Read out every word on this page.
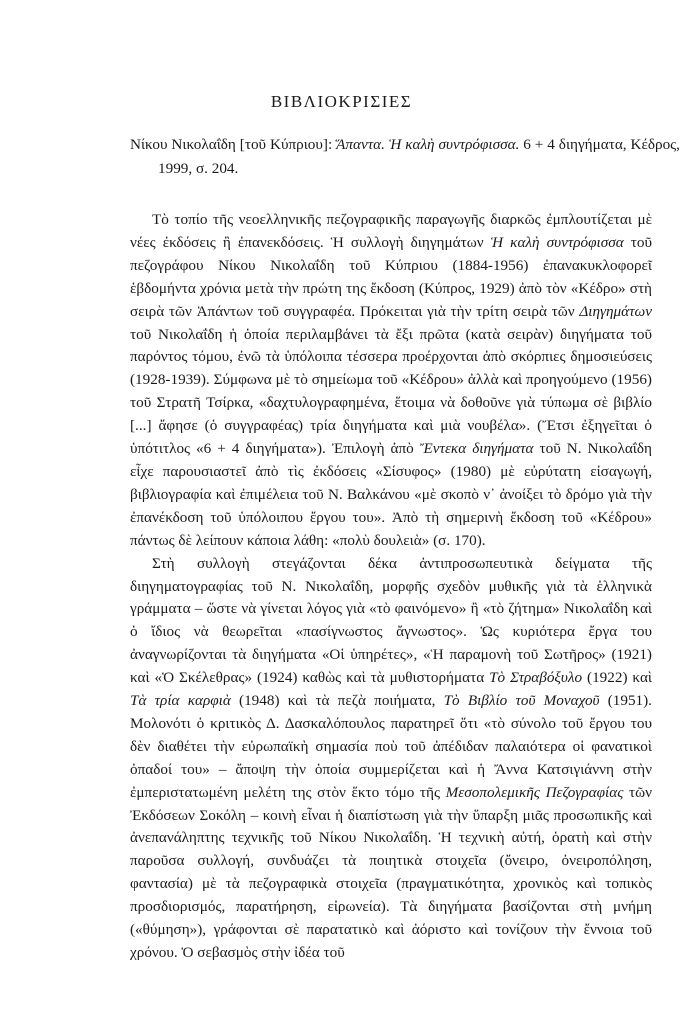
ΒΙΒΛΙΟΚΡΙΣΙΕΣ

Νίκου Νικολαΐδη [τοῦ Κύπριου]: Ἅπαντα. Ἡ καλὴ συντρόφισσα. 6 + 4 διηγήματα, Κέδρος, 1999, σ. 204.

Τὸ τοπίο τῆς νεοελληνικῆς πεζογραφικῆς παραγωγῆς διαρκῶς ἐμπλουτίζεται μὲ νέες ἐκδόσεις ἢ ἐπανεκδόσεις. Ἡ συλλογὴ διηγημάτων Ἡ καλὴ συντρόφισσα τοῦ πεζογράφου Νίκου Νικολαΐδη τοῦ Κύπριου (1884-1956) ἐπανακυκλοφορεῖ ἑβδομήντα χρόνια μετὰ τὴν πρώτη της ἔκδοση (Κύπρος, 1929) ἀπὸ τὸν «Κέδρο» στὴ σειρὰ τῶν Ἁπάντων τοῦ συγγραφέα. Πρόκειται γιὰ τὴν τρίτη σειρὰ τῶν Διηγημάτων τοῦ Νικολαΐδη ἡ ὁποία περιλαμβάνει τὰ ἔξι πρῶτα (κατὰ σειρὰν) διηγήματα τοῦ παρόντος τόμου, ἐνῶ τὰ ὑπόλοιπα τέσσερα προέρχονται ἀπὸ σκόρπιες δημοσιεύσεις (1928-1939). Σύμφωνα μὲ τὸ σημείωμα τοῦ «Κέδρου» ἀλλὰ καὶ προηγούμενο (1956) τοῦ Στρατῆ Τσίρκα, «δαχτυλογραφημένα, ἕτοιμα νὰ δοθοῦνε γιὰ τύπωμα σὲ βιβλίο [...] ἄφησε (ὁ συγγραφέας) τρία διηγήματα καὶ μιὰ νουβέλα». (Ἔτσι ἐξηγεῖται ὁ ὑπότιτλος «6 + 4 διηγήματα»). Ἐπιλογὴ ἀπὸ Ἔντεκα διηγήματα τοῦ Ν. Νικολαΐδη εἶχε παρουσιαστεῖ ἀπὸ τὶς ἐκδόσεις «Σίσυφος» (1980) μὲ εὐρύτατη εἰσαγωγή, βιβλιογραφία καὶ ἐπιμέλεια τοῦ Ν. Βαλκάνου «μὲ σκοπὸ ν᾿ ἀνοίξει τὸ δρόμο γιὰ τὴν ἐπανέκδοση τοῦ ὑπόλοιπου ἔργου του». Ἀπὸ τὴ σημερινὴ ἔκδοση τοῦ «Κέδρου» πάντως δὲ λείπουν κάποια λάθη: «πολὺ δουλειὰ» (σ. 170).

Στὴ συλλογὴ στεγάζονται δέκα ἀντιπροσωπευτικὰ δείγματα τῆς διηγηματογραφίας τοῦ Ν. Νικολαΐδη, μορφῆς σχεδὸν μυθικῆς γιὰ τὰ ἑλληνικὰ γράμματα – ὥστε νὰ γίνεται λόγος γιὰ «τὸ φαινόμενο» ἢ «τὸ ζήτημα» Νικολαΐδη καὶ ὁ ἴδιος νὰ θεωρεῖται «πασίγνωστος ἄγνωστος». Ὡς κυριότερα ἔργα του ἀναγνωρίζονται τὰ διηγήματα «Οἱ ὑπηρέτες», «Ἡ παραμονὴ τοῦ Σωτῆρος» (1921) καὶ «Ὁ Σκέλεθρας» (1924) καθὼς καὶ τὰ μυθιστορήματα Τὸ Στραβόξυλο (1922) καὶ Τὰ τρία καρφιὰ (1948) καὶ τὰ πεζὰ ποιήματα, Τὸ Βιβλίο τοῦ Μοναχοῦ (1951). Μολονότι ὁ κριτικὸς Δ. Δασκαλόπουλος παρατηρεῖ ὅτι «τὸ σύνολο τοῦ ἔργου του δὲν διαθέτει τὴν εὐρωπαϊκὴ σημασία ποὺ τοῦ ἀπέδιδαν παλαιότερα οἱ φανατικοὶ ὀπαδοί του» – ἄποψη τὴν ὁποία συμμερίζεται καὶ ἡ Ἄννα Κατσιγιάννη στὴν ἐμπεριστατωμένη μελέτη της στὸν ἕκτο τόμο τῆς Μεσοπολεμικῆς Πεζογραφίας τῶν Ἐκδόσεων Σοκόλη – κοινὴ εἶναι ἡ διαπίστωση γιὰ τὴν ὕπαρξη μιᾶς προσωπικῆς καὶ ἀνεπανάληπτης τεχνικῆς τοῦ Νίκου Νικολαΐδη. Ἡ τεχνικὴ αὐτή, ὁρατὴ καὶ στὴν παροῦσα συλλογή, συνδυάζει τὰ ποιητικὰ στοιχεῖα (ὄνειρο, ὀνειροπόληση, φαντασία) μὲ τὰ πεζογραφικὰ στοιχεῖα (πραγματικότητα, χρονικὸς καὶ τοπικὸς προσδιορισμός, παρατήρηση, εἰρωνεία). Τὰ διηγήματα βασίζονται στὴ μνήμη («θύμηση»), γράφονται σὲ παρατατικὸ καὶ ἀόριστο καὶ τονίζουν τὴν ἔννοια τοῦ χρόνου. Ὁ σεβασμὸς στὴν ἰδέα τοῦ
